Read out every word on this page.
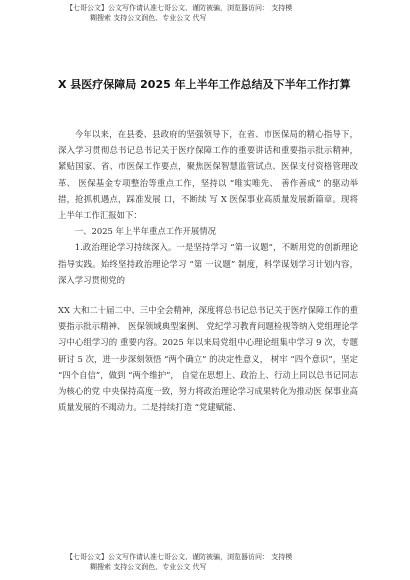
【七哥公文】公文写作请认准七哥公文、谨防被骗，浏览器访问： 支持模
糊搜索 支持公文润色、专业公文 代写
X 县医疗保障局 2025 年上半年工作总结及下半年工作打算

今年以来，在县委、县政府的坚强领导下，在省、市医保局的精心指导下，深入学习贯彻总书记总书记关于医疗保障工作的重要讲话和重要指示批示精神，紧贴国家、省、市医保工作要点，聚焦医保智慧监管试点、医保支付资格管理改革、 医保基金专项整治等重点工作，坚持以 “唯实唯先、 善作善成” 的驱动举措，抢抓机遇点，踩准发展 口，不断续 写 X 医保事业高质量发展新篇章。现将上半年工作汇报如下：

一、2025 年上半年重点工作开展情况

1.政治理论学习持续深入。一是坚持学习 “第一议题”，不断用党的创新理论指导实践。始终坚持政治理论学习 “第 一议题” 制度，科学谋划学习计划内容，深入学习贯彻党的

XX 大和二十届二中、三中全会精神，深度将总书记总书记关于医疗保障工作的重要指示批示精神、 医保领域典型案例、 党纪学习教育问题检视等纳入党组理论学习中心组学习的 重要内容。2025 年以来局党组中心理论组集中学习 9 次，专题研讨 5 次，进一步深刻领悟 “两个确立” 的决定性意义， 树牢 “四个意识”，坚定 “四个自信”，做到 “两个维护”， 自觉在思想上、政治上、行动上同以总书记同志为核心的党 中央保持高度一致，努力将政治理论学习成果转化为推动医 保事业高质量发展的不竭动力。二是持续打造 “党建赋能、

【七哥公文】公文写作请认准七哥公文、谨防被骗，浏览器访问： 支持模
糊搜索 支持公文润色、专业公文 代写
